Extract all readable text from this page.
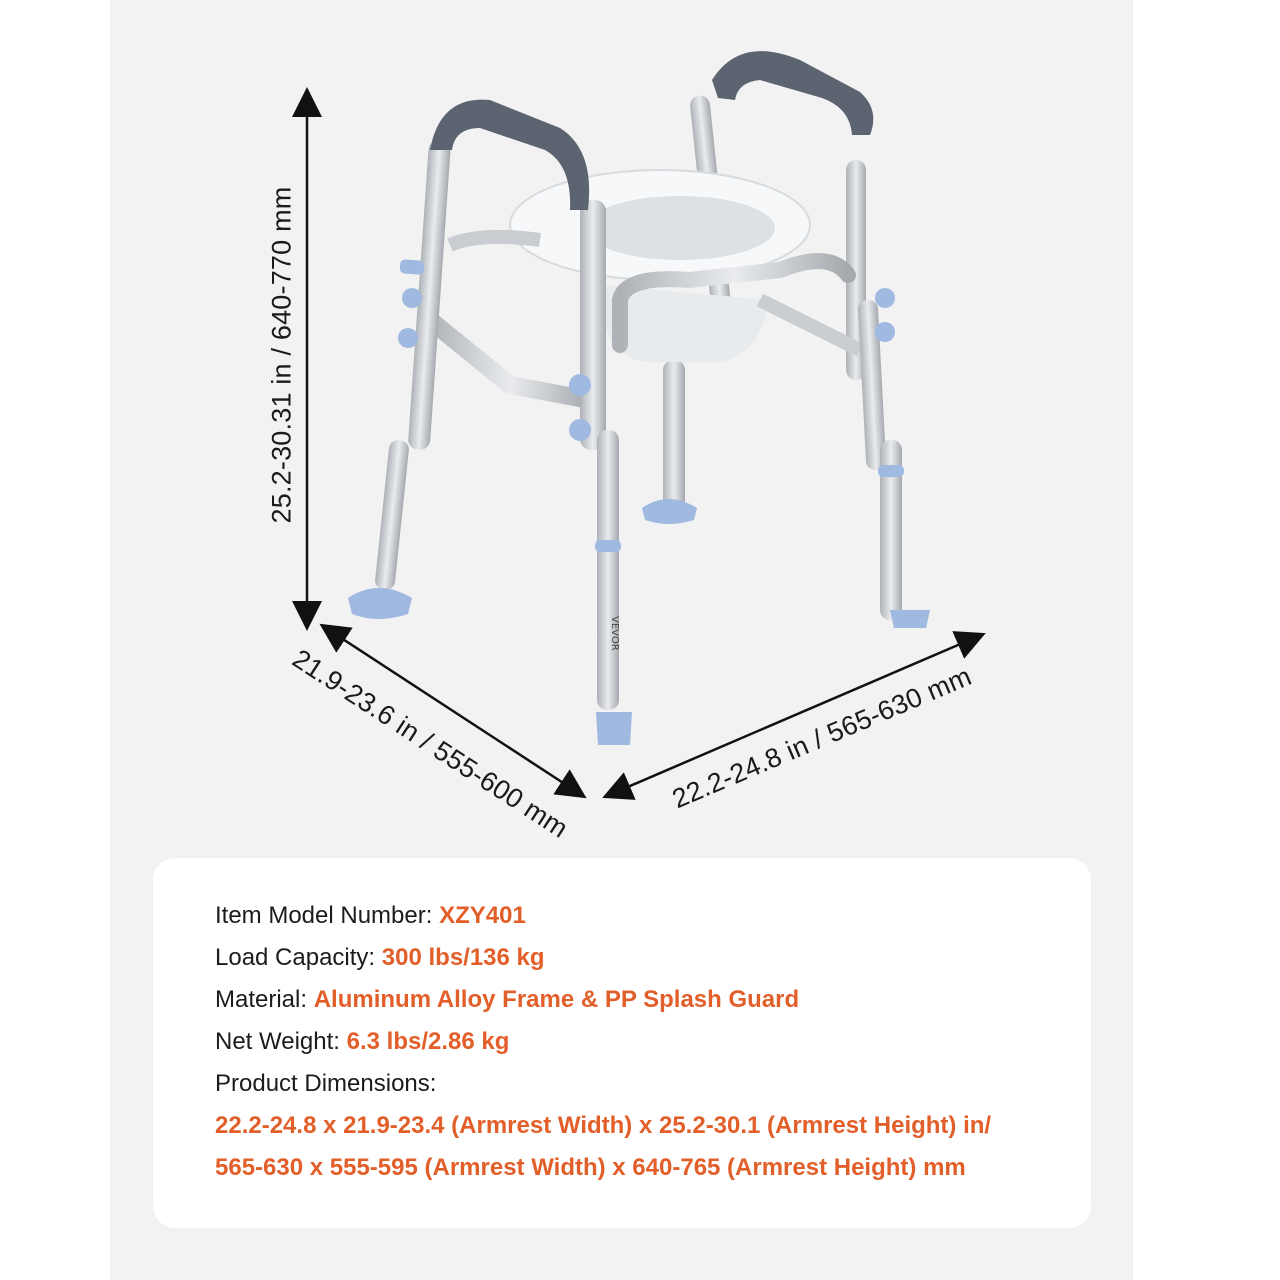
VEVOR
25.2-30.31 in / 640-770 mm
21.9-23.6 in / 555-600 mm	22.2-24.8 in / 565-630 mm
Item Model Number: XZY401
Load Capacity: 300 lbs/136 kg
Material: Aluminum Alloy Frame & PP Splash Guard
Net Weight: 6.3 lbs/2.86 kg
Product Dimensions:
22.2-24.8 x 21.9-23.4 (Armrest Width) x 25.2-30.1 (Armrest Height) in/
565-630 x 555-595 (Armrest Width) x 640-765 (Armrest Height) mm
